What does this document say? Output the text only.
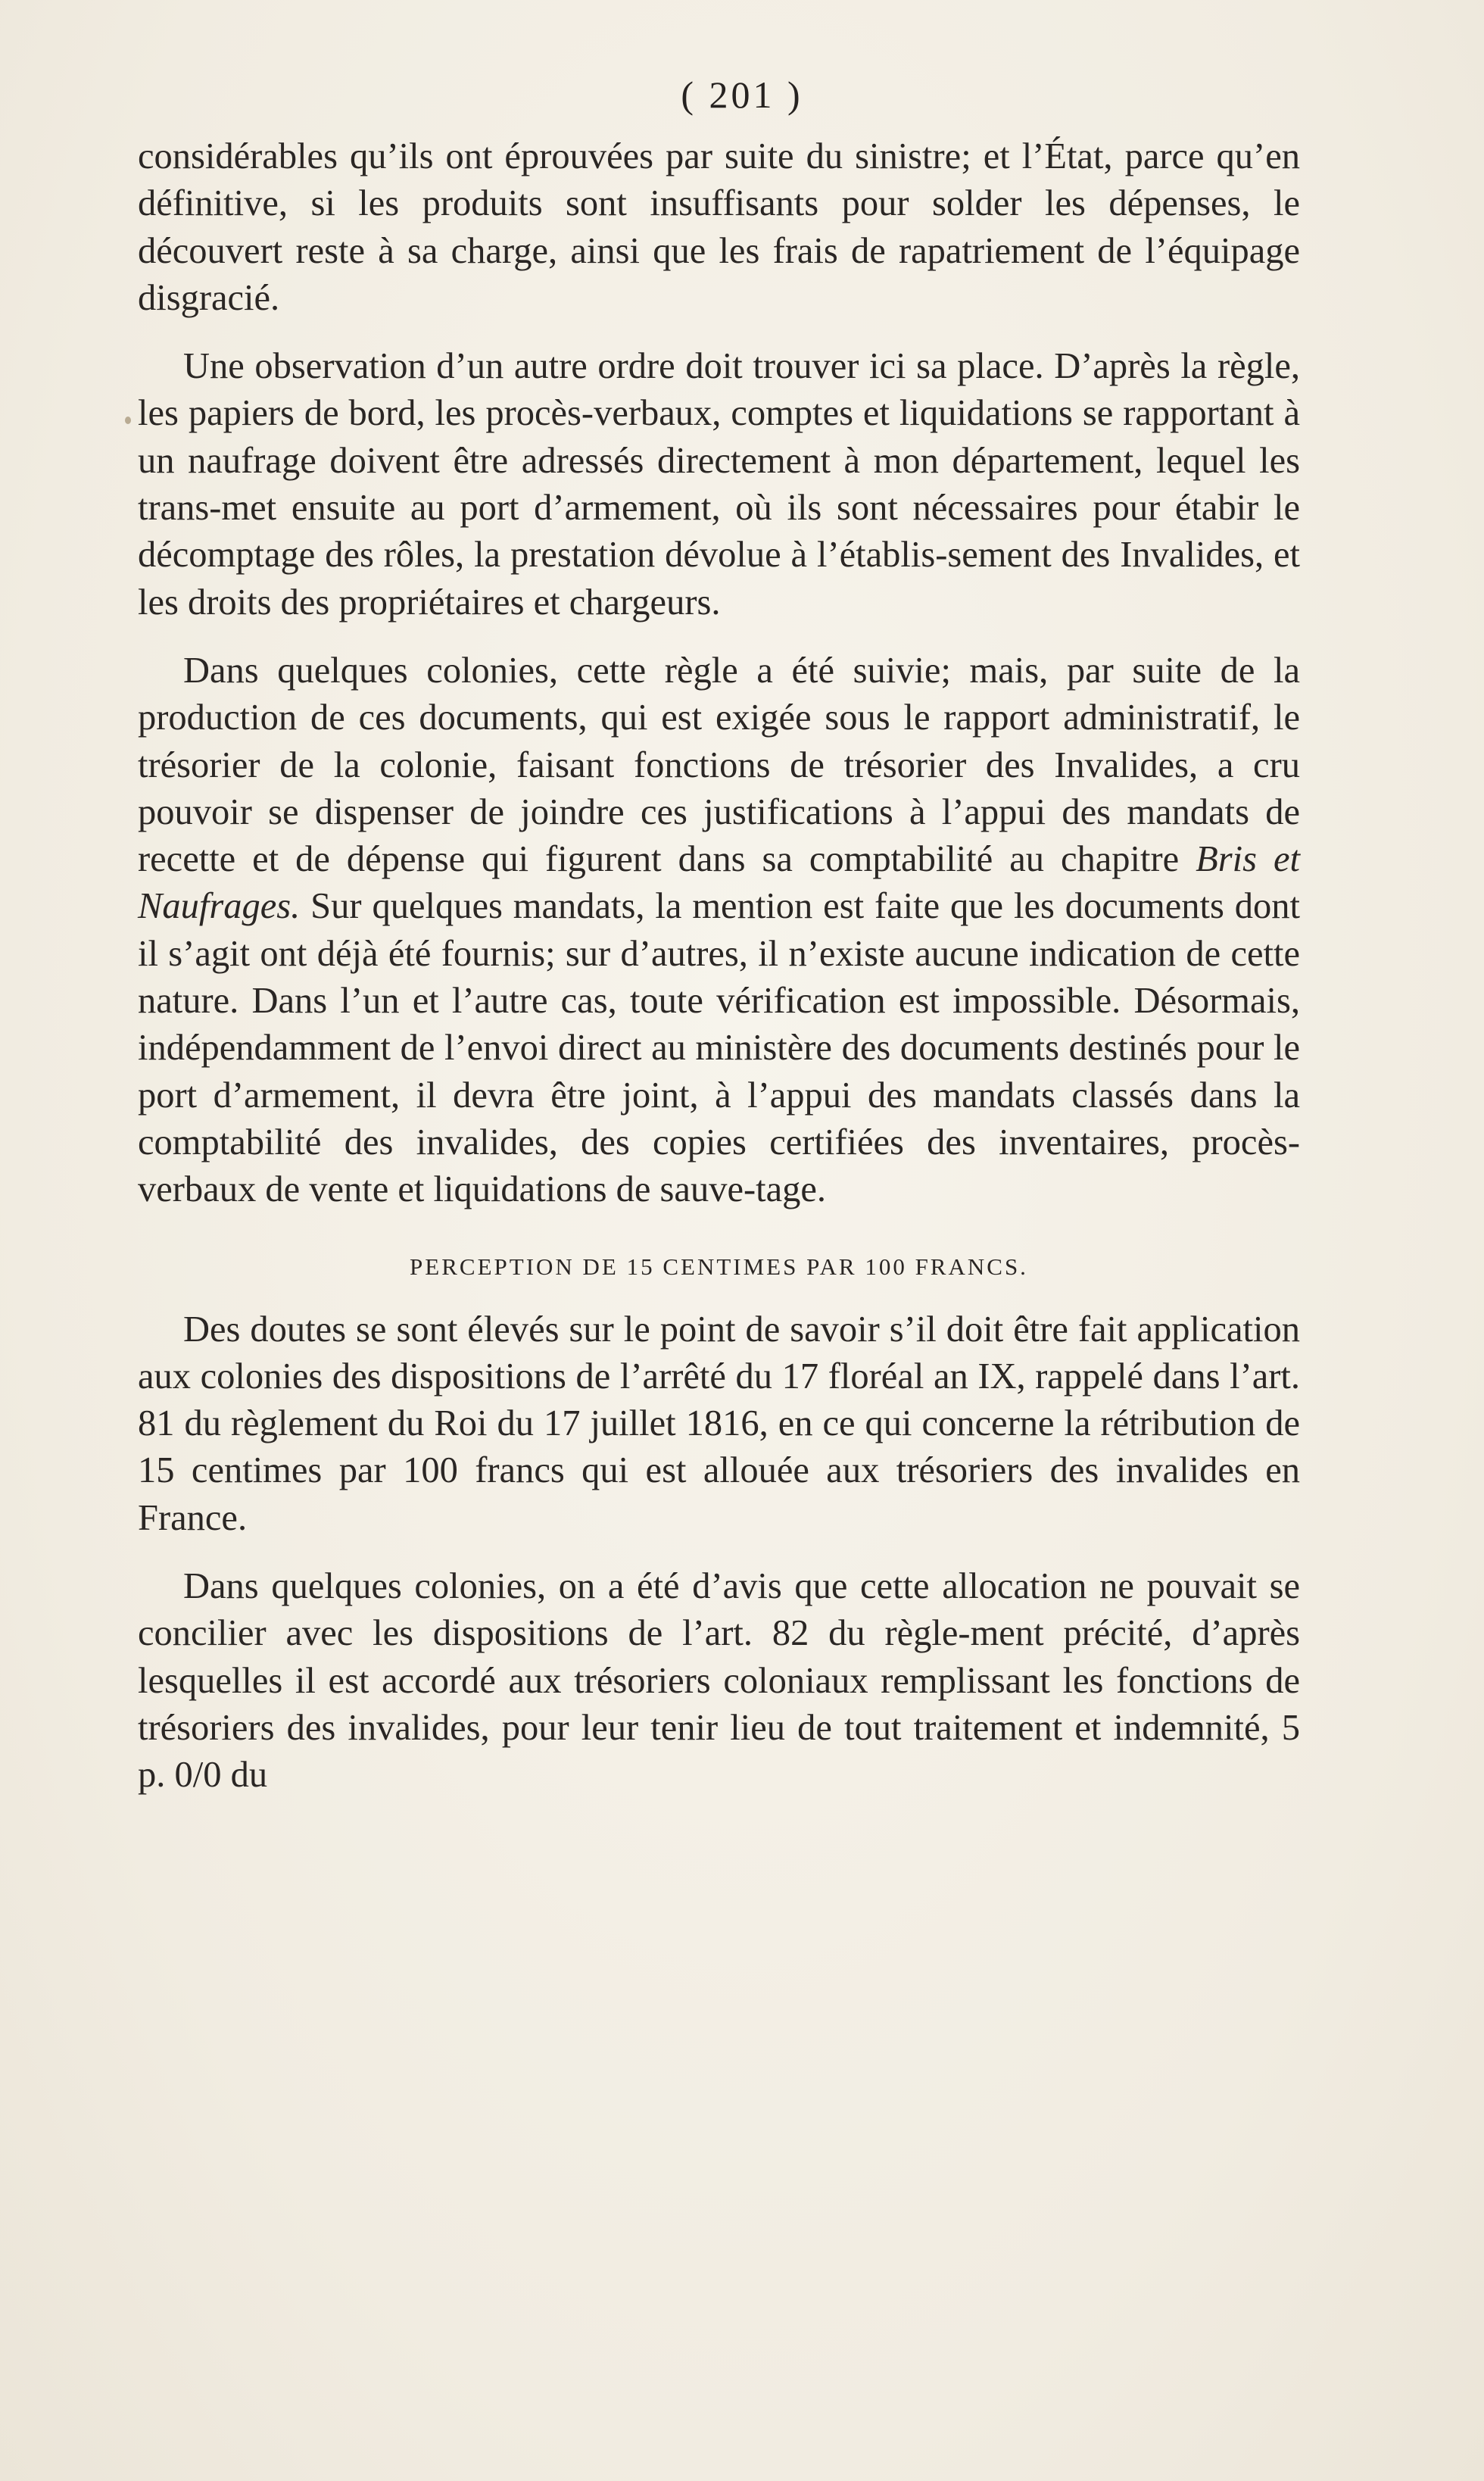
( 201 )

considérables qu’ils ont éprouvées par suite du sinistre; et l’État, parce qu’en définitive, si les produits sont insuffisants pour solder les dépenses, le découvert reste à sa charge, ainsi que les frais de rapatriement de l’équipage disgracié.

Une observation d’un autre ordre doit trouver ici sa place. D’après la règle, les papiers de bord, les procès-verbaux, comptes et liquidations se rapportant à un naufrage doivent être adressés directement à mon département, lequel les trans-met ensuite au port d’armement, où ils sont nécessaires pour étabir le décomptage des rôles, la prestation dévolue à l’établis-sement des Invalides, et les droits des propriétaires et chargeurs.

Dans quelques colonies, cette règle a été suivie; mais, par suite de la production de ces documents, qui est exigée sous le rapport administratif, le trésorier de la colonie, faisant fonctions de trésorier des Invalides, a cru pouvoir se dispenser de joindre ces justifications à l’appui des mandats de recette et de dépense qui figurent dans sa comptabilité au chapitre Bris et Naufrages. Sur quelques mandats, la mention est faite que les documents dont il s’agit ont déjà été fournis; sur d’autres, il n’existe aucune indication de cette nature. Dans l’un et l’autre cas, toute vérification est impossible. Désormais, indépendamment de l’envoi direct au ministère des documents destinés pour le port d’armement, il devra être joint, à l’appui des mandats classés dans la comptabilité des invalides, des copies certifiées des inventaires, procès-verbaux de vente et liquidations de sauve-tage.

PERCEPTION DE 15 CENTIMES PAR 100 FRANCS.

Des doutes se sont élevés sur le point de savoir s’il doit être fait application aux colonies des dispositions de l’arrêté du 17 floréal an IX, rappelé dans l’art. 81 du règlement du Roi du 17 juillet 1816, en ce qui concerne la rétribution de 15 centimes par 100 francs qui est allouée aux trésoriers des invalides en France.

Dans quelques colonies, on a été d’avis que cette allocation ne pouvait se concilier avec les dispositions de l’art. 82 du règle-ment précité, d’après lesquelles il est accordé aux trésoriers coloniaux remplissant les fonctions de trésoriers des invalides, pour leur tenir lieu de tout traitement et indemnité, 5 p. 0/0 du
